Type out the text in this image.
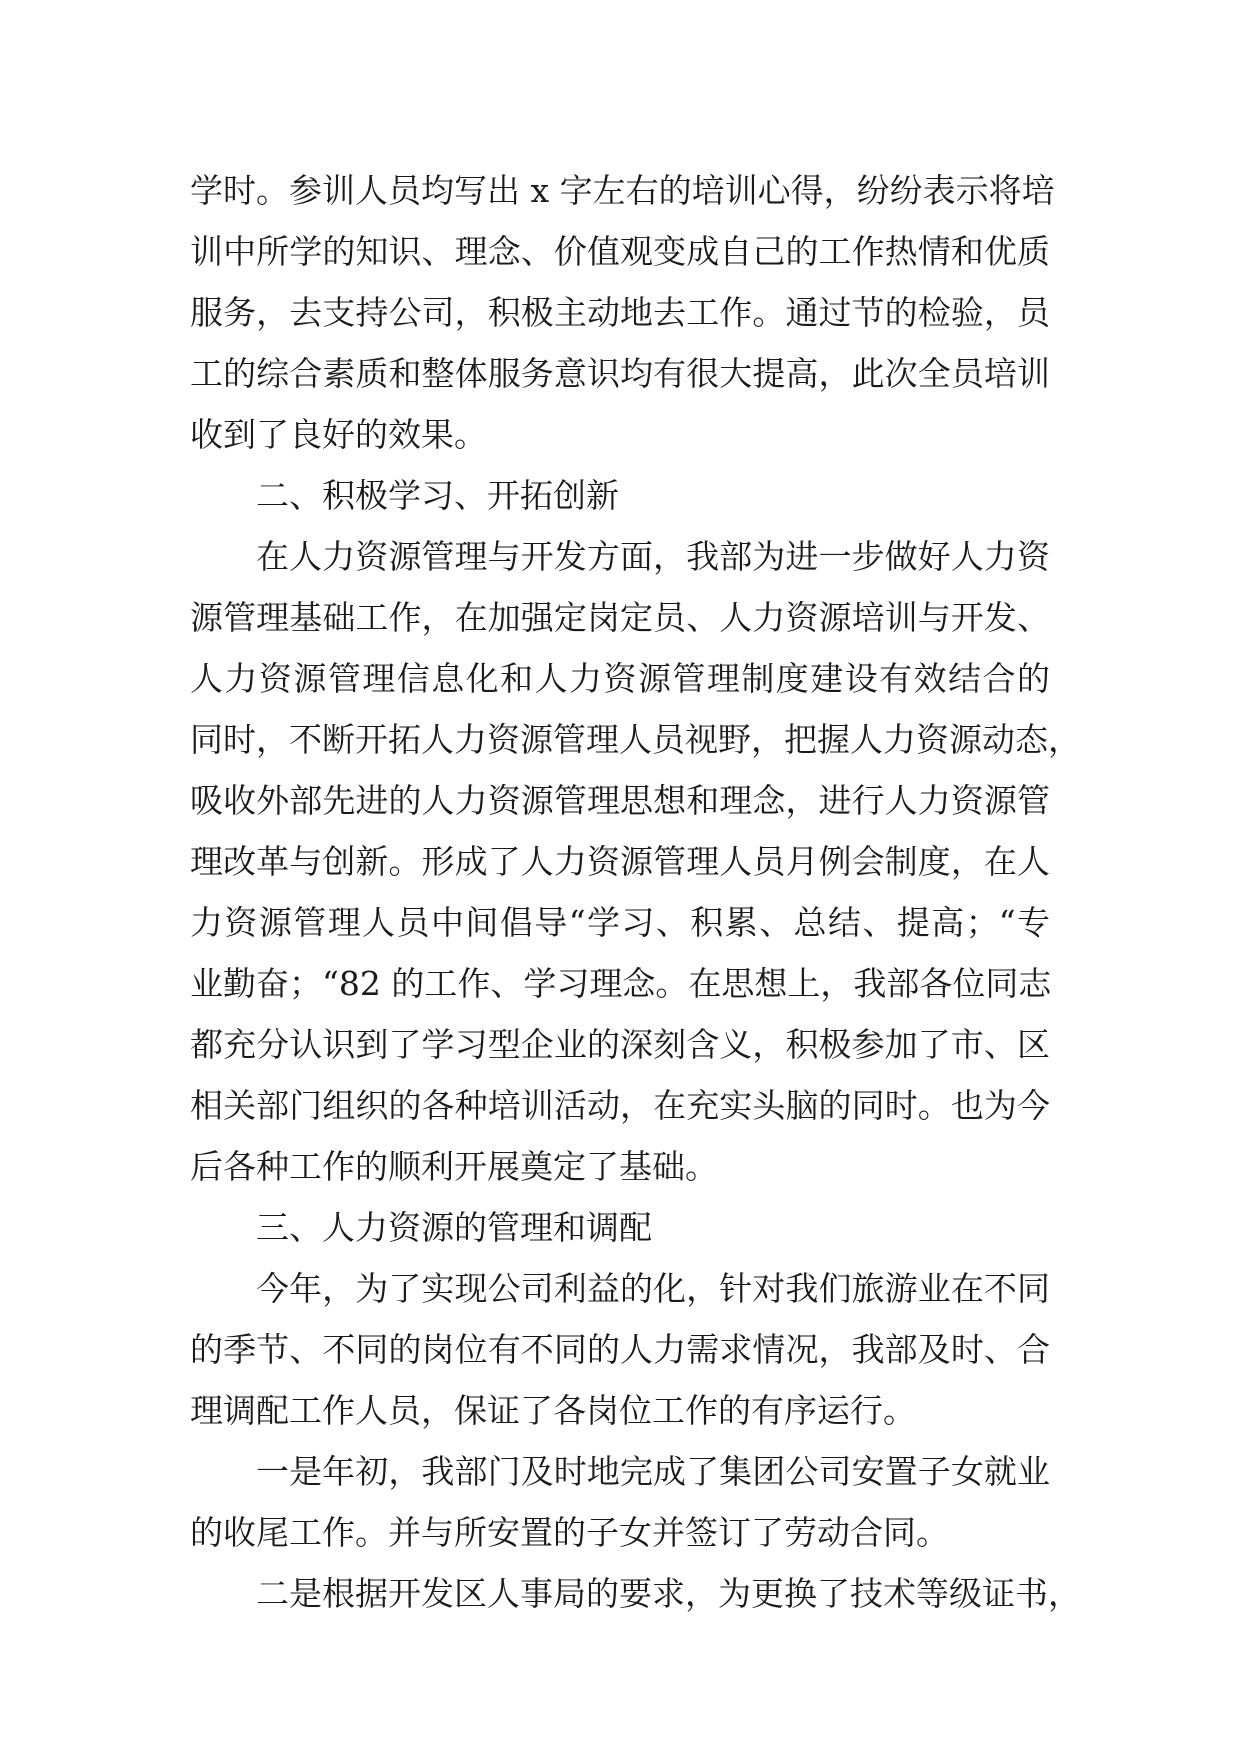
学时。参训人员均写出 x 字左右的培训心得，纷纷表示将培
训中所学的知识、理念、价值观变成自己的工作热情和优质
服务，去支持公司，积极主动地去工作。通过节的检验，员
工的综合素质和整体服务意识均有很大提高，此次全员培训
收到了良好的效果。
二、积极学习、开拓创新
在人力资源管理与开发方面，我部为进一步做好人力资
源管理基础工作，在加强定岗定员、人力资源培训与开发、
人力资源管理信息化和人力资源管理制度建设有效结合的
同时，不断开拓人力资源管理人员视野，把握人力资源动态，
吸收外部先进的人力资源管理思想和理念，进行人力资源管
理改革与创新。形成了人力资源管理人员月例会制度，在人
力资源管理人员中间倡导“学习、积累、总结、提高；“专
业勤奋；“82 的工作、学习理念。在思想上，我部各位同志
都充分认识到了学习型企业的深刻含义，积极参加了市、区
相关部门组织的各种培训活动，在充实头脑的同时。也为今
后各种工作的顺利开展奠定了基础。
三、人力资源的管理和调配
今年，为了实现公司利益的化，针对我们旅游业在不同
的季节、不同的岗位有不同的人力需求情况，我部及时、合
理调配工作人员，保证了各岗位工作的有序运行。
一是年初，我部门及时地完成了集团公司安置子女就业
的收尾工作。并与所安置的子女并签订了劳动合同。
二是根据开发区人事局的要求，为更换了技术等级证书，
